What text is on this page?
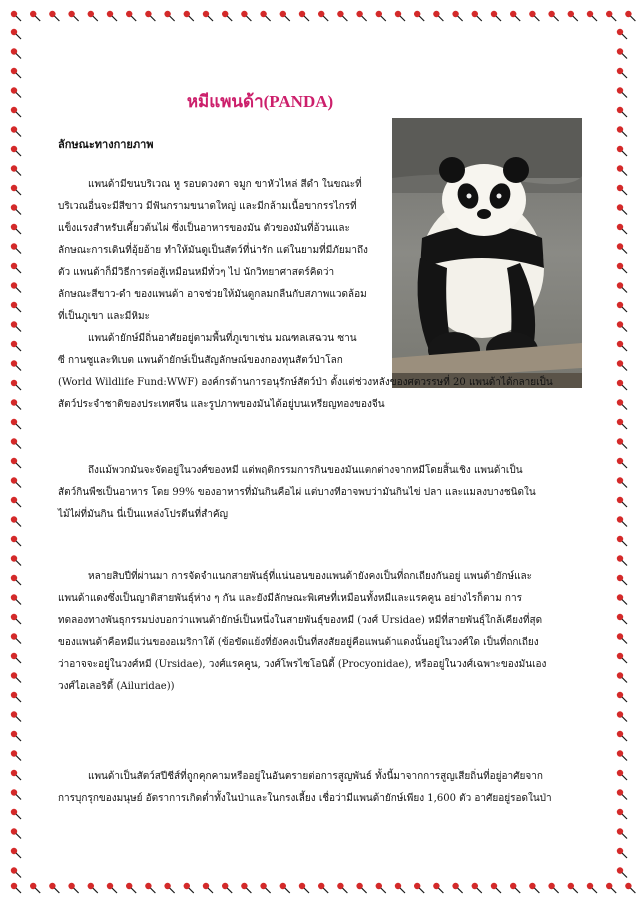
หมีแพนด้า(PANDA)
ลักษณะทางกายภาพ
แพนด้ามีขนบริเวณ หู รอบดวงตา จมูก ขาหัวไหล่ สีดำ ในขณะที่
บริเวณอื่นจะมีสีขาว มีฟันกรามขนาดใหญ่ และมีกล้ามเนื้อขากรรไกรที่
แข็งแรงสำหรับเคี้ยวต้นไผ่ ซึ่งเป็นอาหารของมัน ตัวของมันที่อ้วนและ
ลักษณะการเดินที่อุ้ยอ้าย ทำให้มันดูเป็นสัตว์ที่น่ารัก แต่ในยามที่มีภัยมาถึง
ตัว แพนด้าก็มีวิธีการต่อสู้เหมือนหมีทั่วๆ ไป นักวิทยาศาสตร์คิดว่า
ลักษณะสีขาว-ดำ ของแพนด้า อาจช่วยให้มันดูกลมกลืนกับสภาพแวดล้อม
ที่เป็นภูเขา และมีหิมะ
แพนด้ายักษ์มีถิ่นอาศัยอยู่ตามพื้นที่ภูเขาเช่น มณฑลเสฉวน ซาน
ซี กานซูและทิเบต แพนด้ายักษ์เป็นสัญลักษณ์ของกองทุนสัตว์ป่าโลก
(World Wildlife Fund:WWF) องค์กรด้านการอนุรักษ์สัตว์ป่า ตั้งแต่ช่วงหลังของศตวรรษที่ 20 แพนด้าได้กลายเป็น
สัตว์ประจำชาติของประเทศจีน และรูปภาพของมันได้อยู่บนเหรียญทองของจีน
ถึงแม้พวกมันจะจัดอยู่ในวงศ์ของหมี แต่พฤติกรรมการกินของมันแตกต่างจากหมีโดยสิ้นเชิง แพนด้าเป็น
สัตว์กินพืชเป็นอาหาร โดย 99% ของอาหารที่มันกินคือไผ่ แต่บางทีอาจพบว่ามันกินไข่ ปลา และแมลงบางชนิดใน
ไม้ไผ่ที่มันกิน นี่เป็นแหล่งโปรตีนที่สำคัญ
หลายสิบปีที่ผ่านมา การจัดจำแนกสายพันธุ์ที่แน่นอนของแพนด้ายังคงเป็นที่ถกเถียงกันอยู่ แพนด้ายักษ์และ
แพนด้าแดงซึ่งเป็นญาติสายพันธุ์ห่าง ๆ กัน และยังมีลักษณะพิเศษที่เหมือนทั้งหมีและแรคคูน อย่างไรก็ตาม การ
ทดลองทางพันธุกรรมบ่งบอกว่าแพนด้ายักษ์เป็นหนึ่งในสายพันธุ์ของหมี (วงศ์ Ursidae) หมีที่สายพันธุ์ใกล้เคียงที่สุด
ของแพนด้าคือหมีแว่นของอเมริกาใต้ (ข้อขัดแย้งที่ยังคงเป็นที่สงสัยอยู่คือแพนด้าแดงนั้นอยู่ในวงศ์ใด เป็นที่ถกเถียง
ว่าอาจจะอยู่ในวงศ์หมี (Ursidae), วงศ์แรคคูน, วงศ์โพรไซโอนิดี้ (Procyonidae), หรืออยู่ในวงศ์เฉพาะของมันเอง
วงศ์ไอเลอริดี้ (Ailuridae))
แพนด้าเป็นสัตว์สปีชีส์ที่ถูกคุกคามหรืออยู่ในอันตรายต่อการสูญพันธ์ ทั้งนี้มาจากการสูญเสียถิ่นที่อยู่อาศัยจาก
การบุกรุกของมนุษย์ อัตราการเกิดต่ำทั้งในป่าและในกรงเลี้ยง เชื่อว่ามีแพนด้ายักษ์เพียง 1,600 ตัว อาศัยอยู่รอดในป่า
